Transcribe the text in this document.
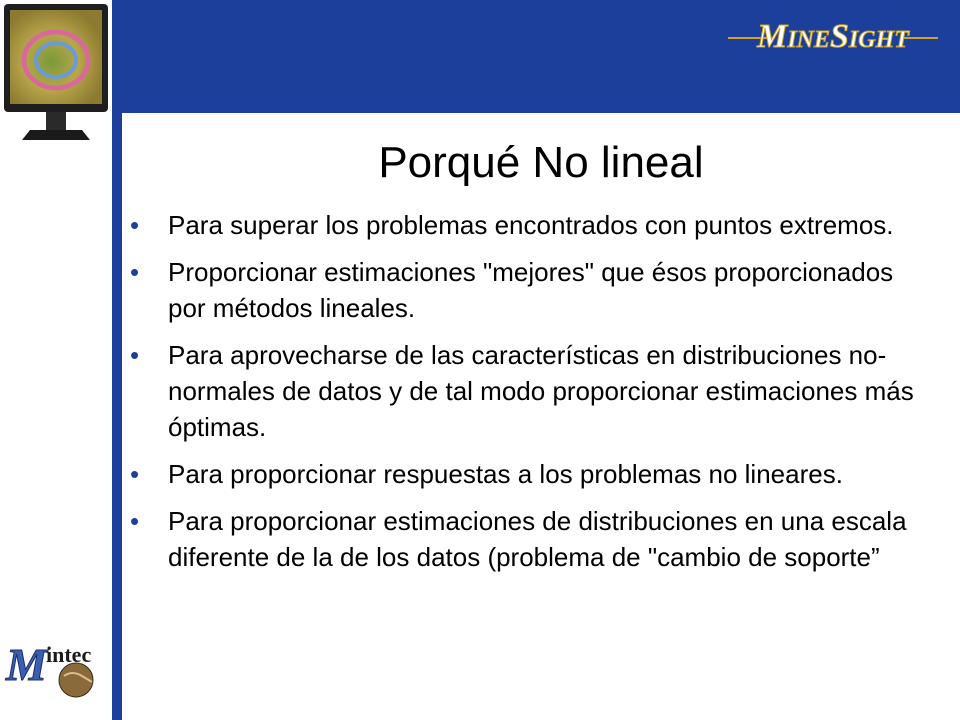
MINESIGHT
Porqué No lineal
• Para superar los problemas encontrados con puntos extremos.
• Proporcionar estimaciones "mejores" que ésos proporcionados por métodos lineales.
• Para aprovecharse de las características en distribuciones no-normales de datos y de tal modo proporcionar estimaciones más óptimas.
• Para proporcionar respuestas a los problemas no lineares.
• Para proporcionar estimaciones de distribuciones en una escala diferente de la de los datos (problema de "cambio de soporte”
M intec
